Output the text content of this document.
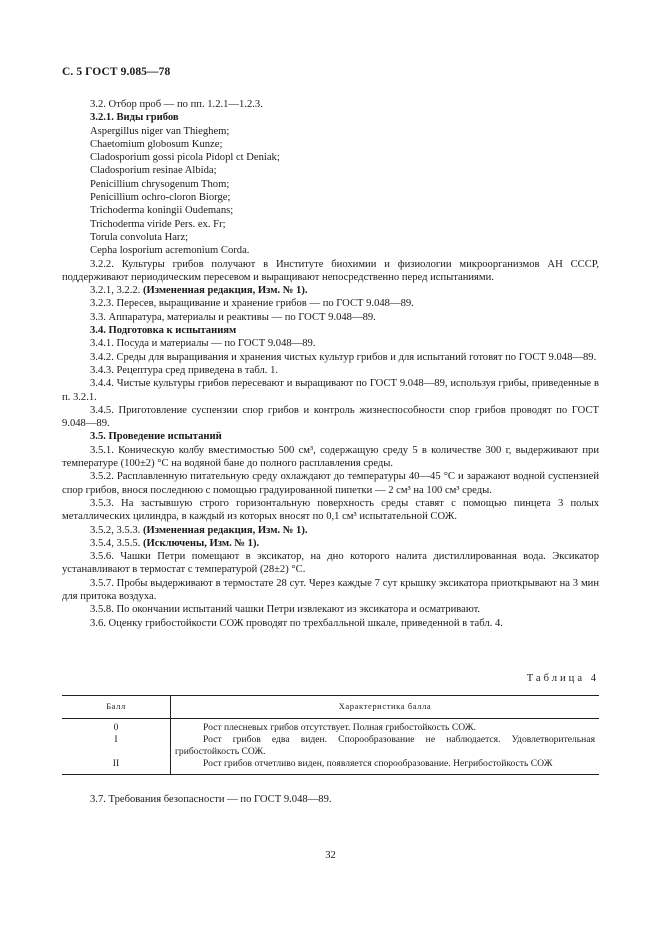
С. 5 ГОСТ 9.085—78
3.2. Отбор проб — по пп. 1.2.1—1.2.3.
3.2.1. Виды грибов
Aspergillus niger van Thieghem;
Chaetomium globosum Kunze;
Cladosporium gossi picola Pidopl ct Deniak;
Cladosporium resinae Albida;
Penicillium chrysogenum Thom;
Penicillium ochro-cloron Biorge;
Trichoderma koningii Oudemans;
Trichoderma viride Pers. ex. Fr;
Torula convoluta Harz;
Cepha losporium acremonium Corda.
3.2.2. Культуры грибов получают в Институте биохимии и физиологии микроорганизмов АН СССР, поддерживают периодическим пересевом и выращивают непосредственно перед испытаниями.
3.2.1, 3.2.2. (Измененная редакция, Изм. № 1).
3.2.3. Пересев, выращивание и хранение грибов — по ГОСТ 9.048—89.
3.3. Аппаратура, материалы и реактивы — по ГОСТ 9.048—89.
3.4. Подготовка к испытаниям
3.4.1. Посуда и материалы — по ГОСТ 9.048—89.
3.4.2. Среды для выращивания и хранения чистых культур грибов и для испытаний готовят по ГОСТ 9.048—89.
3.4.3. Рецептура сред приведена в табл. 1.
3.4.4. Чистые культуры грибов пересевают и выращивают по ГОСТ 9.048—89, используя грибы, приведенные в п. 3.2.1.
3.4.5. Приготовление суспензии спор грибов и контроль жизнеспособности спор грибов проводят по ГОСТ 9.048—89.
3.5. Проведение испытаний
3.5.1. Коническую колбу вместимостью 500 см³, содержащую среду 5 в количестве 300 г, выдерживают при температуре (100±2) °С на водяной бане до полного расплавления среды.
3.5.2. Расплавленную питательную среду охлаждают до температуры 40—45 °С и заражают водной суспензией спор грибов, внося последнюю с помощью градуированной пипетки — 2 см³ на 100 см³ среды.
3.5.3. На застывшую строго горизонтальную поверхность среды ставят с помощью пинцета 3 полых металлических цилиндра, в каждый из которых вносят по 0,1 см³ испытательной СОЖ.
3.5.2, 3.5.3. (Измененная редакция, Изм. № 1).
3.5.4, 3.5.5. (Исключены, Изм. № 1).
3.5.6. Чашки Петри помещают в эксикатор, на дно которого налита дистиллированная вода. Эксикатор устанавливают в термостат с температурой (28±2) °С.
3.5.7. Пробы выдерживают в термостате 28 сут. Через каждые 7 сут крышку эксикатора приоткрывают на 3 мин для притока воздуха.
3.5.8. По окончании испытаний чашки Петри извлекают из эксикатора и осматривают.
3.6. Оценку грибостойкости СОЖ проводят по трехбалльной шкале, приведенной в табл. 4.
Таблица 4
Балл	Характеристика балла
0	Рост плесневых грибов отсутствует. Полная грибостойкость СОЖ.
I	Рост грибов едва виден. Спорообразование не наблюдается. Удовлетворительная грибостойкость СОЖ.
II	Рост грибов отчетливо виден, появляется спорообразование. Негрибостойкость СОЖ
3.7. Требования безопасности — по ГОСТ 9.048—89.
32
